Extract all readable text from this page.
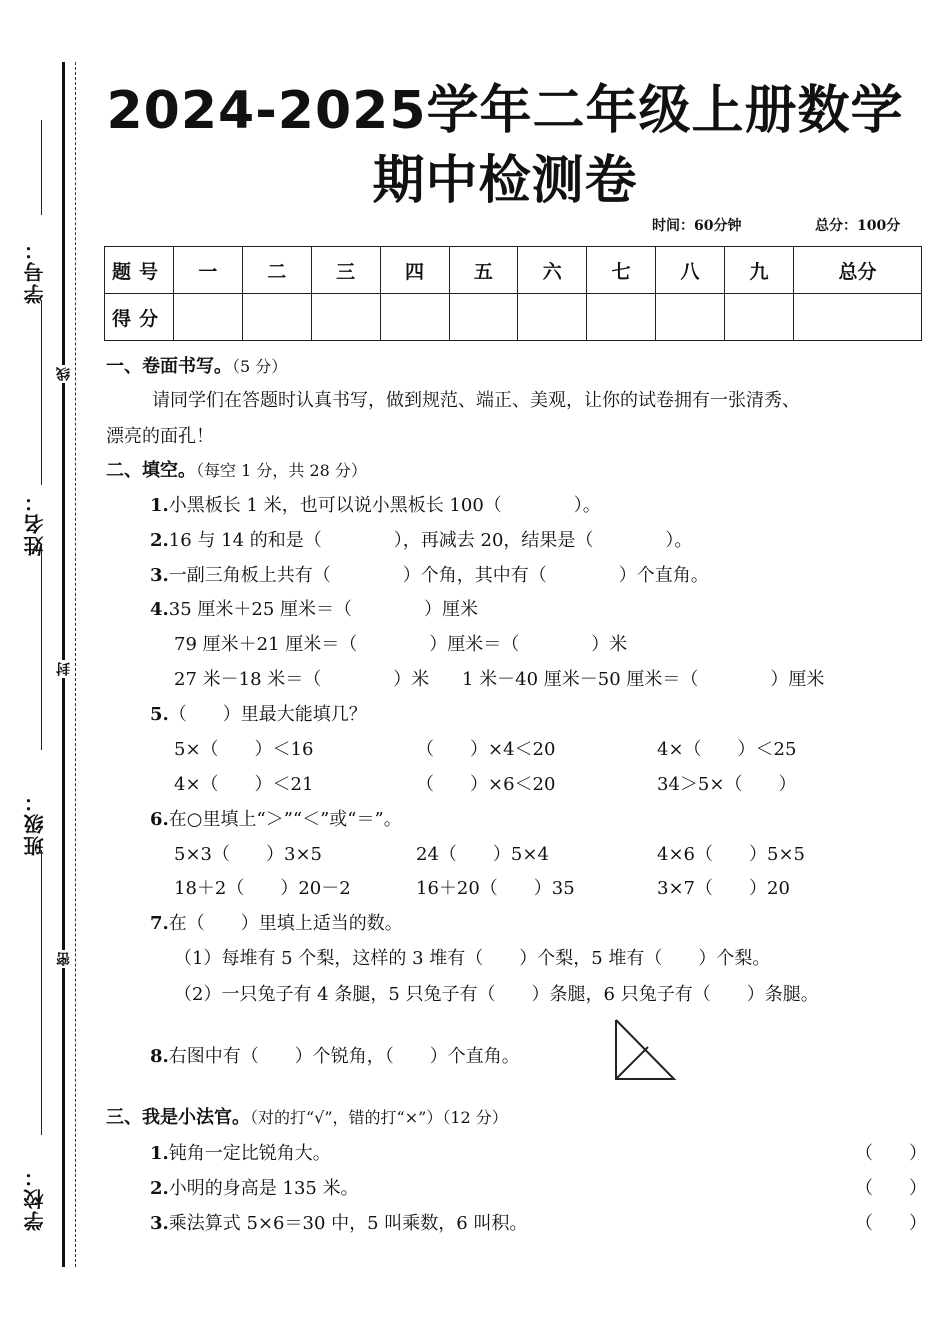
学号：
姓名：
班级：
学校：
线
封
密
2024-2025学年二年级上册数学
期中检测卷
时间：60分钟	总分：100分
题号	一	二	三	四	五	六	七	八	九	总分
得分										
一、卷面书写。（5 分）
请同学们在答题时认真书写，做到规范、端正、美观，让你的试卷拥有一张清秀、
漂亮的面孔！
二、填空。（每空 1 分，共 28 分）
1.小黑板长 1 米，也可以说小黑板长 100（　　　　）。
2.16 与 14 的和是（　　　　），再减去 20，结果是（　　　　）。
3.一副三角板上共有（　　　　）个角，其中有（　　　　）个直角。
4.35 厘米＋25 厘米＝（　　　　）厘米
79 厘米＋21 厘米＝（　　　　）厘米＝（　　　　）米
27 米－18 米＝（　　　　）米 1 米－40 厘米－50 厘米＝（　　　　）厘米
5.（　　）里最大能填几？
5×（　　）＜16	（　　）×4＜20	4×（　　）＜25
4×（　　）＜21	（　　）×6＜20	34＞5×（　　）
6.在○里填上“＞”“＜”或“＝”。
5×3（　　）3×5	24（　　）5×4	4×6（　　）5×5
18＋2（　　）20－2	16＋20（　　）35	3×7（　　）20
7.在（　　）里填上适当的数。
（1）每堆有 5 个梨，这样的 3 堆有（　　）个梨，5 堆有（　　）个梨。
（2）一只兔子有 4 条腿，5 只兔子有（　　）条腿，6 只兔子有（　　）条腿。
8.右图中有（　　）个锐角，（　　）个直角。
三、我是小法官。（对的打“√”，错的打“×”）（12 分）
1.钝角一定比锐角大。	（　　）
2.小明的身高是 135 米。	（　　）
3.乘法算式 5×6＝30 中，5 叫乘数，6 叫积。	（　　）
